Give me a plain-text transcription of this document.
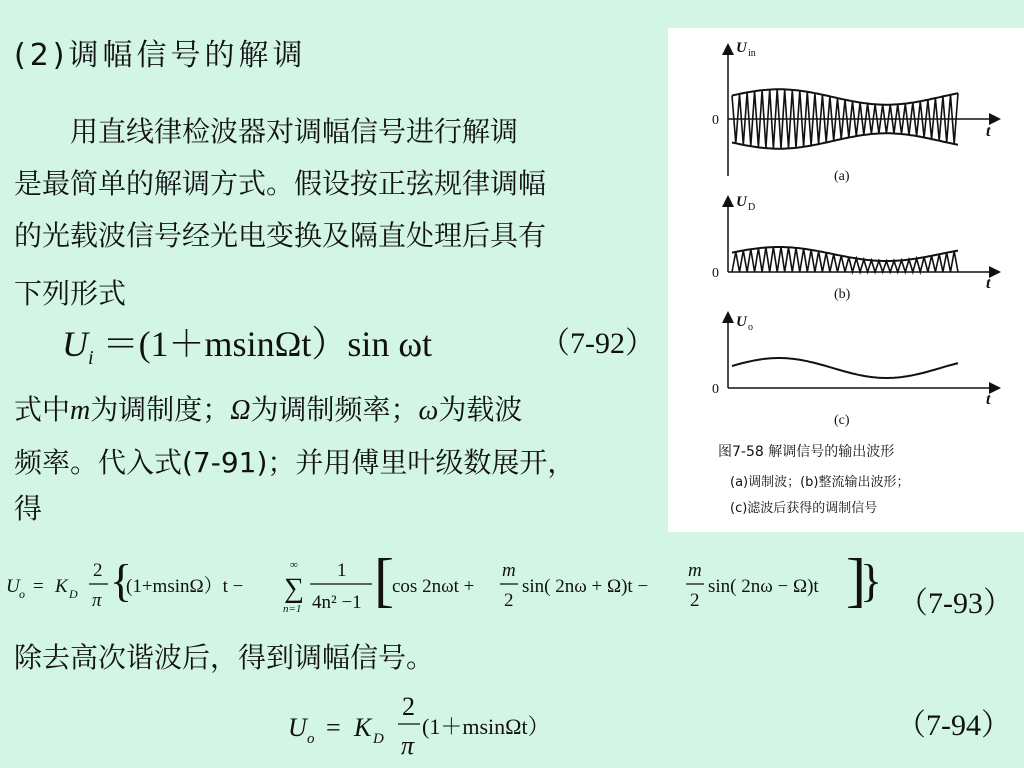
(2)调幅信号的解调
　　用直线律检波器对调幅信号进行解调
是最简单的解调方式。假设按正弦规律调幅
的光载波信号经光电变换及隔直处理后具有
下列形式
$U_i =(1+msin\Omega t)\sin$ ωt	（7-92）
式中m为调制度；Ω为调制频率；ω为载波
频率。代入式(7-91)；并用傅里叶级数展开，
得
U o = K D
2
π {
(1+msinΩ）t −
∞
∑
n=1
1
4n² −1 [
cos 2nωt +
m
2
sin( 2nω + Ω)t −
m
2
sin( 2nω − Ω)t ]
} （7-93）
除去高次谐波后，得到调幅信号。
U o = K D
2
π
(1＋msinΩt）	（7-94）
U in
0
t
(a)
U D
0
t
(b)
U o
0
t
(c)
图7-58 解调信号的输出波形
(a)调制波；(b)整流输出波形；
(c)滤波后获得的调制信号
